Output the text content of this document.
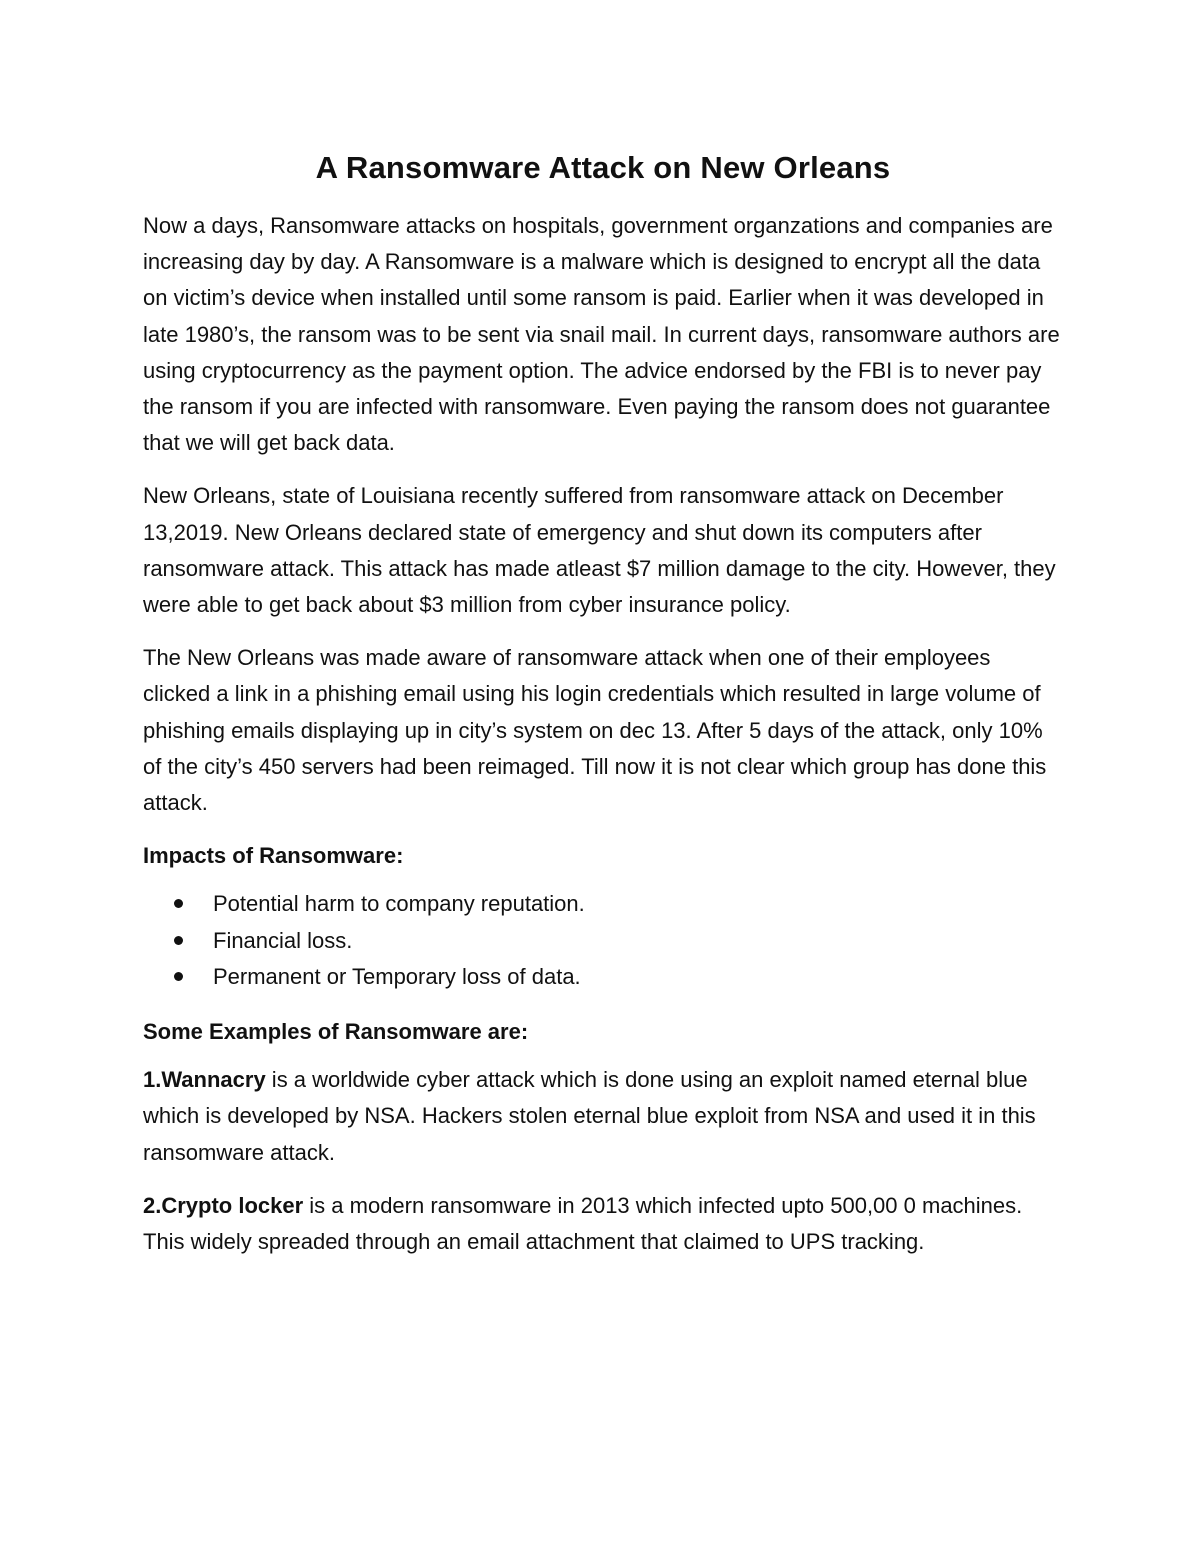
A Ransomware Attack on New Orleans

Now a days, Ransomware attacks on hospitals, government organzations and companies are increasing day by day. A Ransomware is a malware which is designed to encrypt all the data on victim’s device when installed until some ransom is paid. Earlier when it was developed in late 1980’s, the ransom was to be sent via snail mail. In current days, ransomware authors are using cryptocurrency as the payment option. The advice endorsed by the FBI is to never pay the ransom if you are infected with ransomware. Even paying the ransom does not guarantee that we will get back data.

New Orleans, state of Louisiana recently suffered from ransomware attack on December 13,2019. New Orleans declared state of emergency and shut down its computers after ransomware attack. This attack has made atleast $7 million damage to the city. However, they were able to get back about $3 million from cyber insurance policy.

The New Orleans was made aware of ransomware attack when one of their employees clicked a link in a phishing email using his login credentials which resulted in large volume of phishing emails displaying up in city’s system on dec 13. After 5 days of the attack, only 10% of the city’s 450 servers had been reimaged. Till now it is not clear which group has done this attack.

Impacts of Ransomware:

Potential harm to company reputation.
Financial loss.
Permanent or Temporary loss of data.

Some Examples of Ransomware are:

1.Wannacry is a worldwide cyber attack which is done using an exploit named eternal blue which is developed by NSA. Hackers stolen eternal blue exploit from NSA and used it in this ransomware attack.

2.Crypto locker is a modern ransomware in 2013 which infected upto 500,00 0 machines. This widely spreaded through an email attachment that claimed to UPS tracking.
